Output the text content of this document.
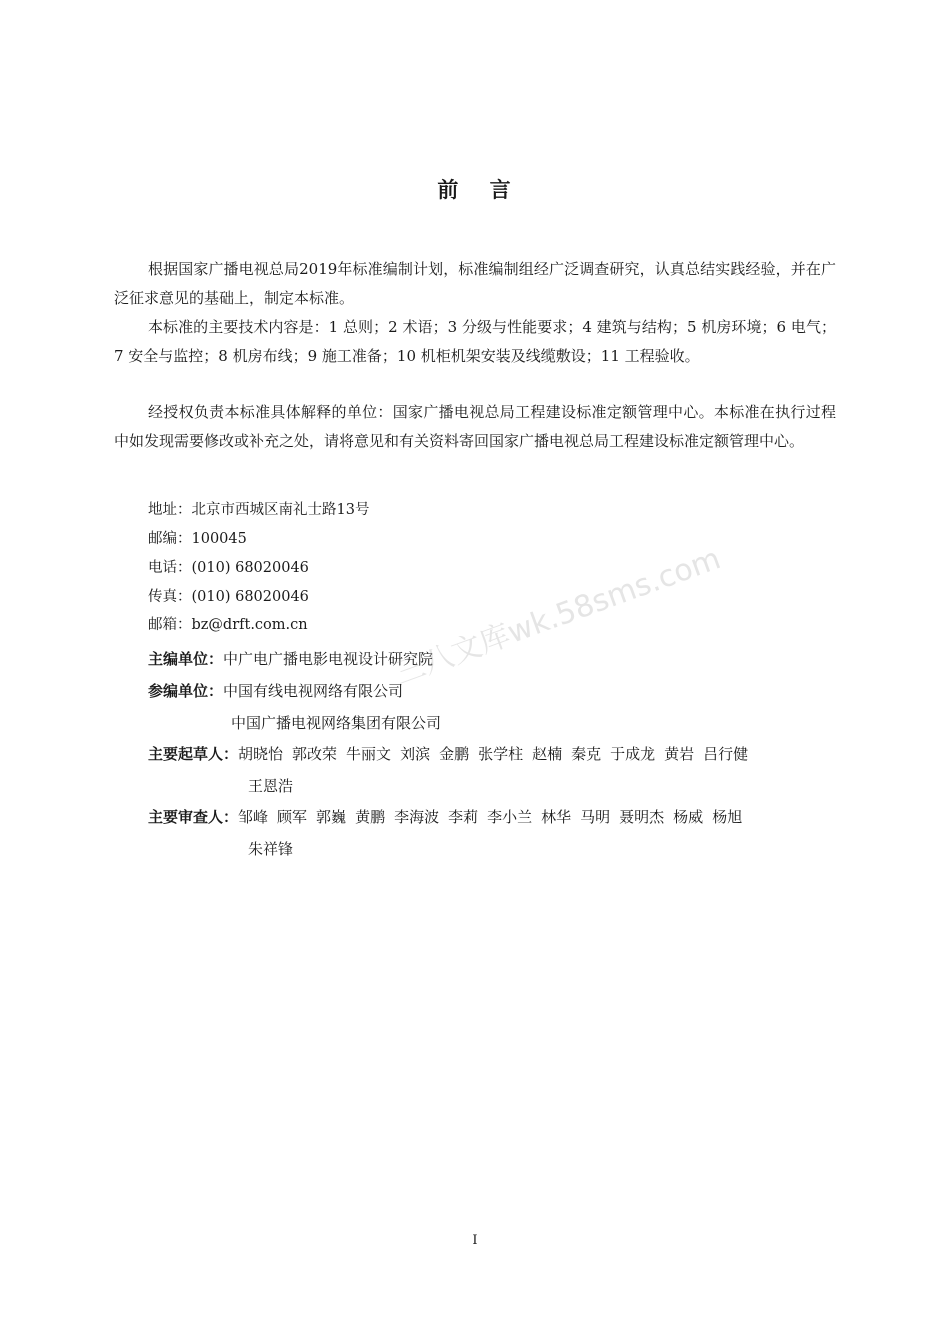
前 言

根据国家广播电视总局2019年标准编制计划，标准编制组经广泛调查研究，认真总结实践经验，并在广泛征求意见的基础上，制定本标准。

本标准的主要技术内容是：1 总则；2 术语；3 分级与性能要求；4 建筑与结构；5 机房环境；6 电气；7 安全与监控；8 机房布线；9 施工准备；10 机柜机架安装及线缆敷设；11 工程验收。

经授权负责本标准具体解释的单位：国家广播电视总局工程建设标准定额管理中心。本标准在执行过程中如发现需要修改或补充之处，请将意见和有关资料寄回国家广播电视总局工程建设标准定额管理中心。

地址：北京市西城区南礼士路13号
邮编：100045
电话：(010) 68020046
传真：(010) 68020046
邮箱：bz@drft.com.cn
主编单位：中广电广播电影电视设计研究院
参编单位：中国有线电视网络有限公司
中国广播电视网络集团有限公司
主要起草人：胡晓怡 郭改荣 牛丽文 刘滨 金鹏 张学柱 赵楠 秦克 于成龙 黄岩 吕行健
王恩浩
主要审查人：邹峰 顾军 郭巍 黄鹏 李海波 李莉 李小兰 林华 马明 聂明杰 杨威 杨旭
朱祥锋
三八文库wk.58sms.com
I
